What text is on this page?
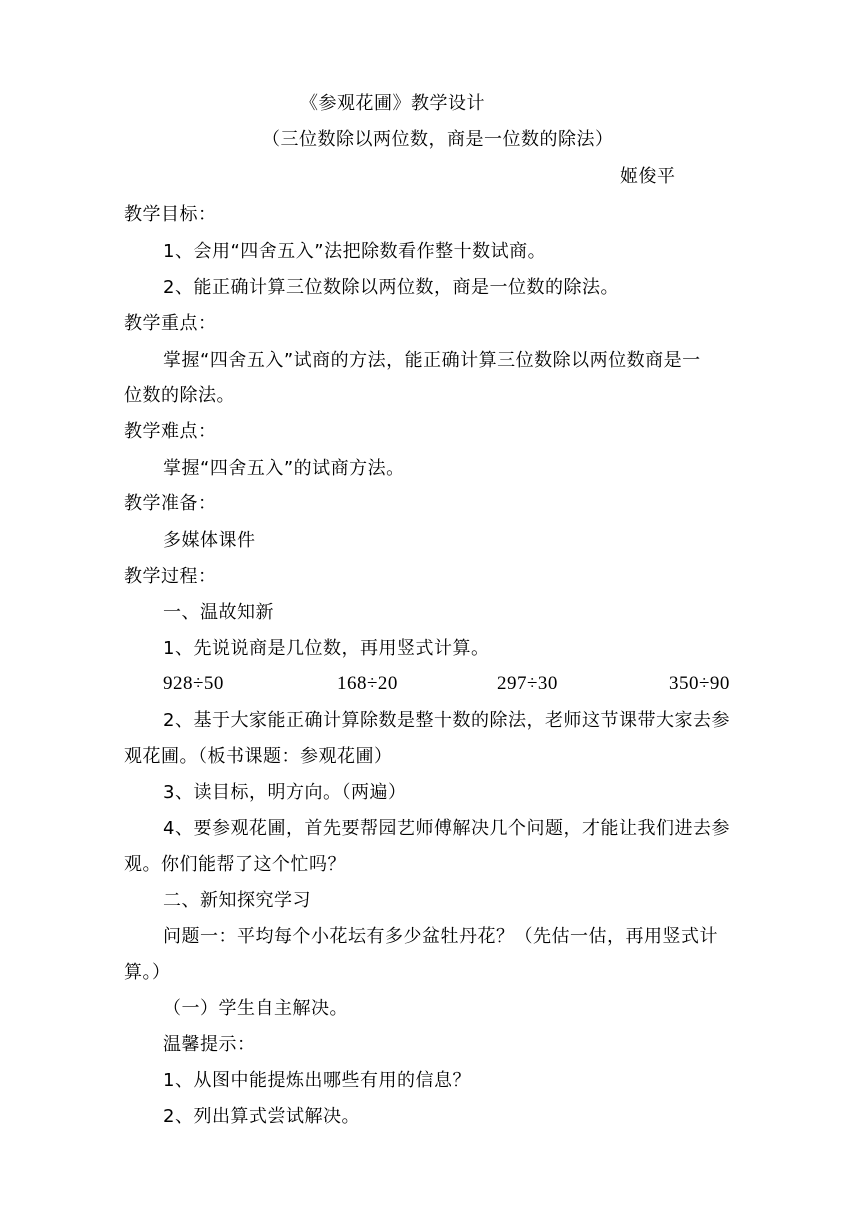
《参观花圃》教学设计
（三位数除以两位数，商是一位数的除法）
姬俊平
教学目标：
1、会用“四舍五入”法把除数看作整十数试商。
2、能正确计算三位数除以两位数，商是一位数的除法。
教学重点：
掌握“四舍五入”试商的方法，能正确计算三位数除以两位数商是一
位数的除法。
教学难点：
掌握“四舍五入”的试商方法。
教学准备：
多媒体课件
教学过程：
一、温故知新
1、先说说商是几位数，再用竖式计算。
928÷50	168÷20	297÷30	350÷90
2、基于大家能正确计算除数是整十数的除法，老师这节课带大家去参
观花圃。（板书课题：参观花圃）
3、读目标，明方向。（两遍）
4、要参观花圃，首先要帮园艺师傅解决几个问题，才能让我们进去参
观。你们能帮了这个忙吗？
二、新知探究学习
问题一：平均每个小花坛有多少盆牡丹花？（先估一估，再用竖式计
算。）
（一）学生自主解决。
温馨提示：
1、从图中能提炼出哪些有用的信息？
2、列出算式尝试解决。
